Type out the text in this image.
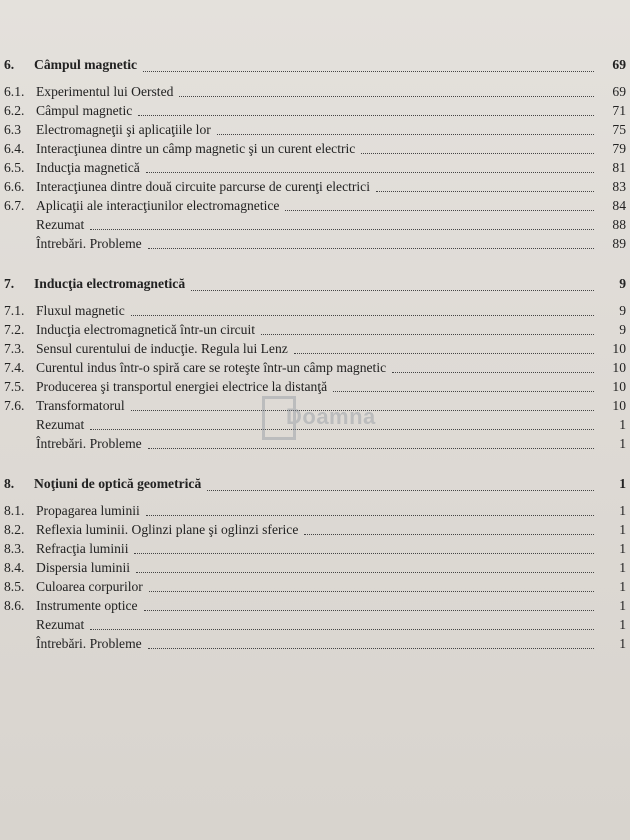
6. Câmpul magnetic	69
6.1. Experimentul lui Oersted	69
6.2. Câmpul magnetic	71
6.3 Electromagneţii şi aplicaţiile lor	75
6.4. Interacţiunea dintre un câmp magnetic şi un curent electric	79
6.5. Inducţia magnetică	81
6.6. Interacţiunea dintre două circuite parcurse de curenţi electrici	83
6.7. Aplicaţii ale interacţiunilor electromagnetice	84
Rezumat	88
Întrebări. Probleme	89
7. Inducţia electromagnetică	9
7.1. Fluxul magnetic	9
7.2. Inducţia electromagnetică într-un circuit	9
7.3. Sensul curentului de inducţie. Regula lui Lenz	10
7.4. Curentul indus într-o spiră care se roteşte într-un câmp magnetic	10
7.5. Producerea şi transportul energiei electrice la distanţă	10
7.6. Transformatorul	10
Rezumat	1
Întrebări. Probleme	1
8. Noţiuni de optică geometrică	1
8.1. Propagarea luminii	1
8.2. Reflexia luminii. Oglinzi plane şi oglinzi sferice	1
8.3. Refracţia luminii	1
8.4. Dispersia luminii	1
8.5. Culoarea corpurilor	1
8.6. Instrumente optice	1
Rezumat	1
Întrebări. Probleme	1
Doamna
